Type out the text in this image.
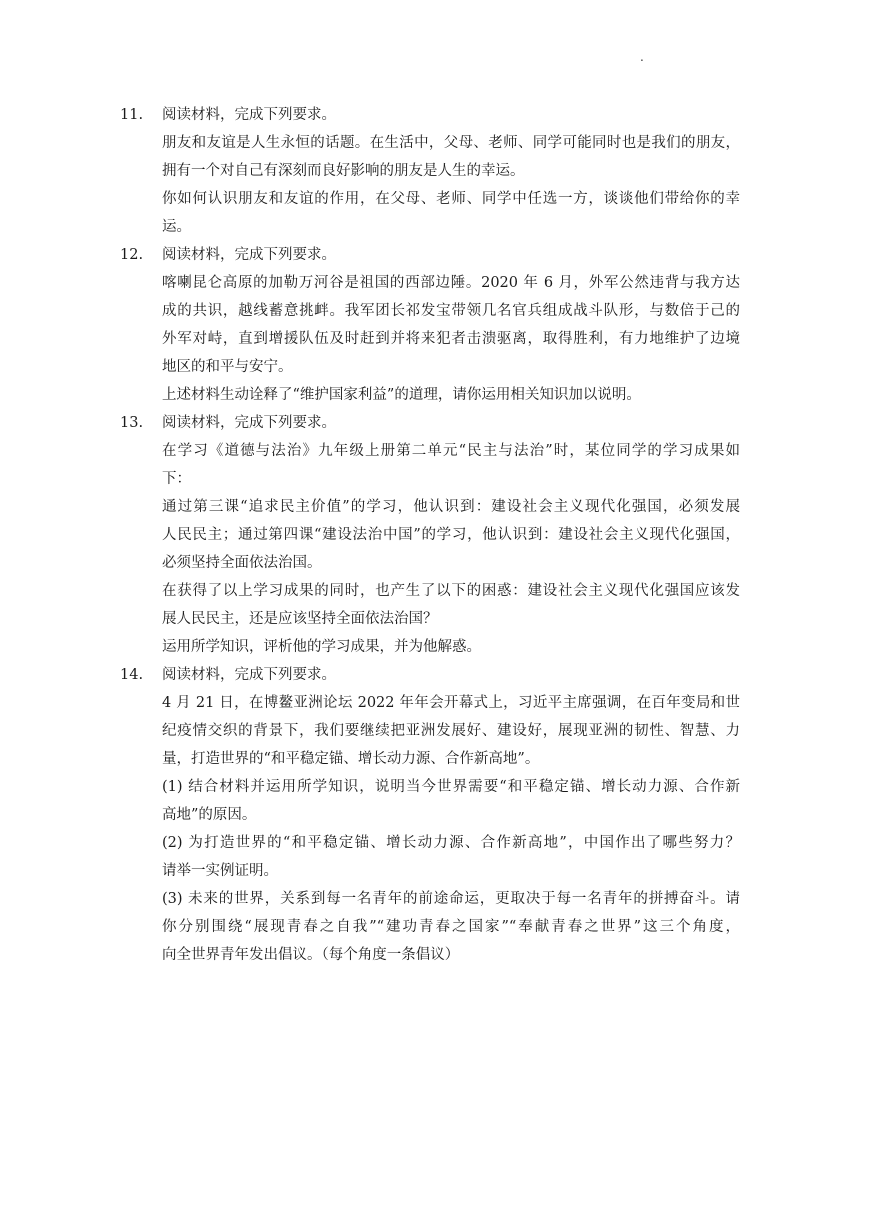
.
11.	阅读材料，完成下列要求。
朋友和友谊是人生永恒的话题。在生活中，父母、老师、同学可能同时也是我们的朋友，
拥有一个对自己有深刻而良好影响的朋友是人生的幸运。
你如何认识朋友和友谊的作用，在父母、老师、同学中任选一方，谈谈他们带给你的幸
运。
12.	阅读材料，完成下列要求。
喀喇昆仑高原的加勒万河谷是祖国的西部边陲。2020 年 6 月，外军公然违背与我方达
成的共识，越线蓄意挑衅。我军团长祁发宝带领几名官兵组成战斗队形，与数倍于己的
外军对峙，直到增援队伍及时赶到并将来犯者击溃驱离，取得胜利，有力地维护了边境
地区的和平与安宁。
上述材料生动诠释了“维护国家利益”的道理，请你运用相关知识加以说明。
13.	阅读材料，完成下列要求。
在学习《道德与法治》九年级上册第二单元“民主与法治”时，某位同学的学习成果如
下：
通过第三课“追求民主价值”的学习，他认识到：建设社会主义现代化强国，必须发展
人民民主；通过第四课“建设法治中国”的学习，他认识到：建设社会主义现代化强国，
必须坚持全面依法治国。
在获得了以上学习成果的同时，也产生了以下的困惑：建设社会主义现代化强国应该发
展人民民主，还是应该坚持全面依法治国？
运用所学知识，评析他的学习成果，并为他解惑。
14.	阅读材料，完成下列要求。
4 月 21 日，在博鳌亚洲论坛 2022 年年会开幕式上，习近平主席强调，在百年变局和世
纪疫情交织的背景下，我们要继续把亚洲发展好、建设好，展现亚洲的韧性、智慧、力
量，打造世界的“和平稳定锚、增长动力源、合作新高地”。
(1) 结合材料并运用所学知识，说明当今世界需要“和平稳定锚、增长动力源、合作新
高地”的原因。
(2) 为打造世界的“和平稳定锚、增长动力源、合作新高地”，中国作出了哪些努力？
请举一实例证明。
(3) 未来的世界，关系到每一名青年的前途命运，更取决于每一名青年的拼搏奋斗。请
你分别围绕“展现青春之自我”“建功青春之国家”“奉献青春之世界”这三个角度，
向全世界青年发出倡议。（每个角度一条倡议）
